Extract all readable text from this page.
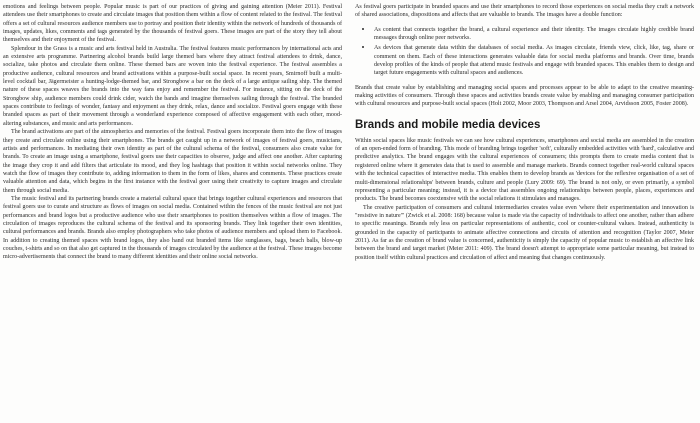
emotions and feelings between people. Popular music is part of our practices of giving and gaining attention (Meier 2011). Festival attendees use their smartphones to create and circulate images that position them within a flow of content related to the festival. The festival offers a set of cultural resources audience members use to portray and position their identity within the network of hundreds of thousands of images, updates, likes, comments and tags generated by the thousands of festival goers. These images are part of the story they tell about themselves and their enjoyment of the festival.

Splendour in the Grass is a music and arts festival held in Australia. The festival features music performances by international acts and an extensive arts programme. Partnering alcohol brands build large themed bars where they attract festival attendees to drink, dance, socialize, take photos and circulate them online. These themed bars are woven into the festival experience. The festival assembles a productive audience, cultural resources and brand activations within a purpose-built social space. In recent years, Smirnoff built a multi-level cocktail bar, Jägermeister a hunting-lodge-themed bar, and Strongbow a bar on the deck of a large antique sailing ship. The themed nature of these spaces weaves the brands into the way fans enjoy and remember the festival. For instance, sitting on the deck of the Strongbow ship, audience members could drink cider, watch the bands and imagine themselves sailing through the festival. The branded spaces contribute to feelings of wonder, fantasy and enjoyment as they drink, relax, dance and socialize. Festival goers engage with these branded spaces as part of their movement through a wonderland experience composed of affective engagement with each other, mood-altering substances, and music and arts performances.

The brand activations are part of the atmospherics and memories of the festival. Festival goers incorporate them into the flow of images they create and circulate online using their smartphones. The brands get caught up in a network of images of festival goers, musicians, artists and performances. In mediating their own identity as part of the cultural schema of the festival, consumers also create value for brands. To create an image using a smartphone, festival goers use their capacities to observe, judge and affect one another. After capturing the image they crop it and add filters that articulate its mood, and they log hashtags that position it within social networks online. They watch the flow of images they contribute to, adding information to them in the form of likes, shares and comments. These practices create valuable attention and data, which begins in the first instance with the festival goer using their creativity to capture images and circulate them through social media.

The music festival and its partnering brands create a material cultural space that brings together cultural experiences and resources that festival goers use to curate and structure as flows of images on social media. Contained within the fences of the music festival are not just performances and brand logos but a productive audience who use their smartphones to position themselves within a flow of images. The circulation of images reproduces the cultural schema of the festival and its sponsoring brands. They link together their own identities, cultural performances and brands. Brands also employ photographers who take photos of audience members and upload them to Facebook. In addition to creating themed spaces with brand logos, they also hand out branded items like sunglasses, bags, beach balls, blow-up couches, t-shirts and so on that also get captured in the thousands of images circulated by the audience at the festival. These images become micro-advertisements that connect the brand to many different identities and their online social networks.

As festival goers participate in branded spaces and use their smartphones to record those experiences on social media they craft a network of shared associations, dispositions and affects that are valuable to brands. The images have a double function:

• As content that connects together the brand, a cultural experience and their identity. The images circulate highly credible brand messages through online peer networks.
• As devices that generate data within the databases of social media. As images circulate, friends view, click, like, tag, share or comment on them. Each of these interactions generates valuable data for social media platforms and brands. Over time, brands develop profiles of the kinds of people that attend music festivals and engage with branded spaces. This enables them to design and target future engagements with cultural spaces and audiences.

Brands that create value by establishing and managing social spaces and processes appear to be able to adapt to the creative meaning-making activities of consumers. Through these spaces and activities brands create value by enabling and managing consumer participation with cultural resources and purpose-built social spaces (Holt 2002, Moor 2003, Thompson and Arsel 2004, Arvidsson 2005, Foster 2008).

Brands and mobile media devices

Within social spaces like music festivals we can see how cultural experiences, smartphones and social media are assembled in the creation of an open-ended form of branding. This mode of branding brings together 'soft', culturally embedded activities with 'hard', calculative and predictive analytics. The brand engages with the cultural experiences of consumers; this prompts them to create media content that is registered online where it generates data that is used to assemble and manage markets. Brands connect together real-world cultural spaces with the technical capacities of interactive media. This enables them to develop brands as 'devices for the reflexive organisation of a set of multi-dimensional relationships' between brands, culture and people (Lury 2009: 69). The brand is not only, or even primarily, a symbol representing a particular meaning; instead, it is a device that assembles ongoing relationships between people, places, experiences and products. The brand becomes coextensive with the social relations it stimulates and manages.

The creative participation of consumers and cultural intermediaries creates value even 'where their experimentation and innovation is "resistive in nature"' (Zwick et al. 2008: 168) because value is made via the capacity of individuals to affect one another, rather than adhere to specific meanings. Brands rely less on particular representations of authentic, cool or counter-cultural values. Instead, authenticity is grounded in the capacity of participants to animate affective connections and circuits of attention and recognition (Taylor 2007, Meier 2011). As far as the creation of brand value is concerned, authenticity is simply the capacity of popular music to establish an affective link between the brand and target market (Meier 2011: 409). The brand doesn't attempt to appropriate some particular meaning, but instead to position itself within cultural practices and circulation of affect and meaning that changes continuously.
